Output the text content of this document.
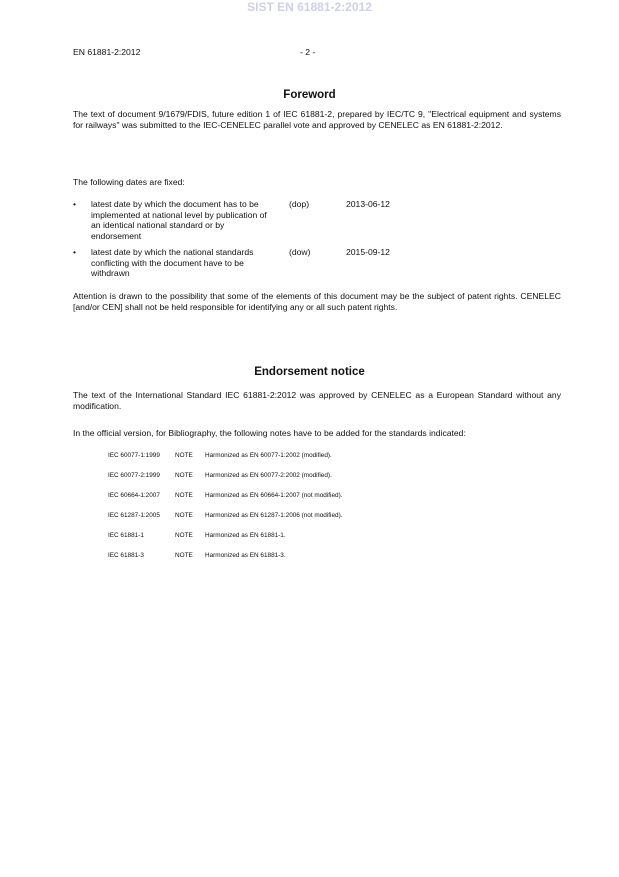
SIST EN 61881-2:2012
EN 61881-2:2012	- 2 -
Foreword
The text of document 9/1679/FDIS, future edition 1 of IEC 61881-2, prepared by IEC/TC 9, "Electrical equipment and systems for railways" was submitted to the IEC-CENELEC parallel vote and approved by CENELEC as EN 61881-2:2012.
The following dates are fixed:
• latest date by which the document has to be implemented at national level by publication of an identical national standard or by endorsement
(dop)	2013-06-12
• latest date by which the national standards conflicting with the document have to be withdrawn
(dow)	2015-09-12
Attention is drawn to the possibility that some of the elements of this document may be the subject of patent rights. CENELEC [and/or CEN] shall not be held responsible for identifying any or all such patent rights.
Endorsement notice
The text of the International Standard IEC 61881-2:2012 was approved by CENELEC as a European Standard without any modification.
In the official version, for Bibliography, the following notes have to be added for the standards indicated:
IEC 60077-1:1999 NOTE Harmonized as EN 60077-1:2002 (modified).
IEC 60077-2:1999 NOTE Harmonized as EN 60077-2:2002 (modified).
IEC 60664-1:2007 NOTE Harmonized as EN 60664-1:2007 (not modified).
IEC 61287-1:2005 NOTE Harmonized as EN 61287-1:2006 (not modified).
IEC 61881-1	NOTE Harmonized as EN 61881-1.
IEC 61881-3	NOTE Harmonized as EN 61881-3.
